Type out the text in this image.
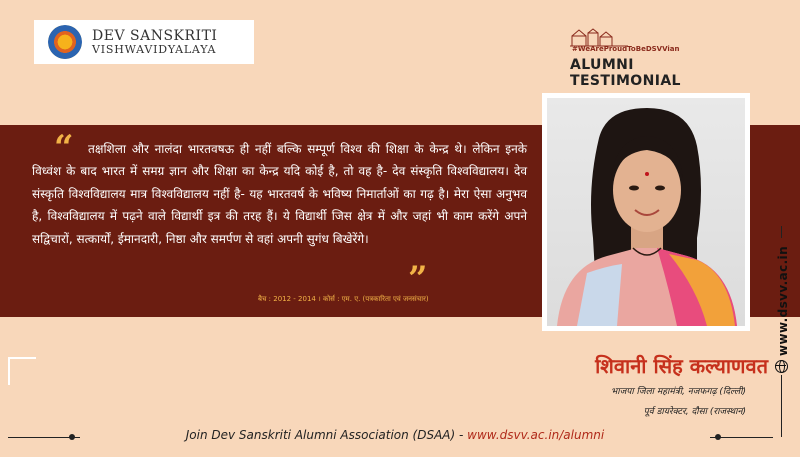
DEV SANSKRITI
VISHWAVIDYALAYA	#WeAreProudToBeDSVVian
ALUMNI TESTIMONIAL
“	तक्षशिला और नालंदा भारतवषऊ ही नहीं बल्कि सम्पूर्ण विश्व की शिक्षा के केन्द्र थे। लेकिन इनके विध्वंश के बाद भारत में समग्र ज्ञान और शिक्षा का केन्द्र यदि कोई है, तो वह है- देव संस्कृति विश्वविद्यालय। देव संस्कृति विश्वविद्यालय मात्र विश्वविद्यालय नहीं है- यह भारतवर्ष के भविष्य निमार्ताओं का गढ़ है। मेरा ऐसा अनुभव है, विश्वविद्यालय में पढ़ने वाले विद्यार्थी इत्र की तरह हैं। ये विद्यार्थी जिस क्षेत्र में और जहां भी काम करेंगे अपने सद्विचारों, सत्कार्यों, ईमानदारी, निष्ठा और समर्पण से वहां अपनी सुगंध बिखेरेंगे।

”
बैच : 2012 - 2014 । कोर्स : एम. ए. (पत्रकारिता एवं जनसंचार)
शिवानी सिंह कल्याणवत
भाजपा जिला महामंत्री, नजफगढ़ (दिल्ली)
पूर्व डायरेक्टर, दौसा (राजस्थान)
Join Dev Sanskriti Alumni Association (DSAA) - www.dsvv.ac.in/alumni
www.dsvv.ac.in
